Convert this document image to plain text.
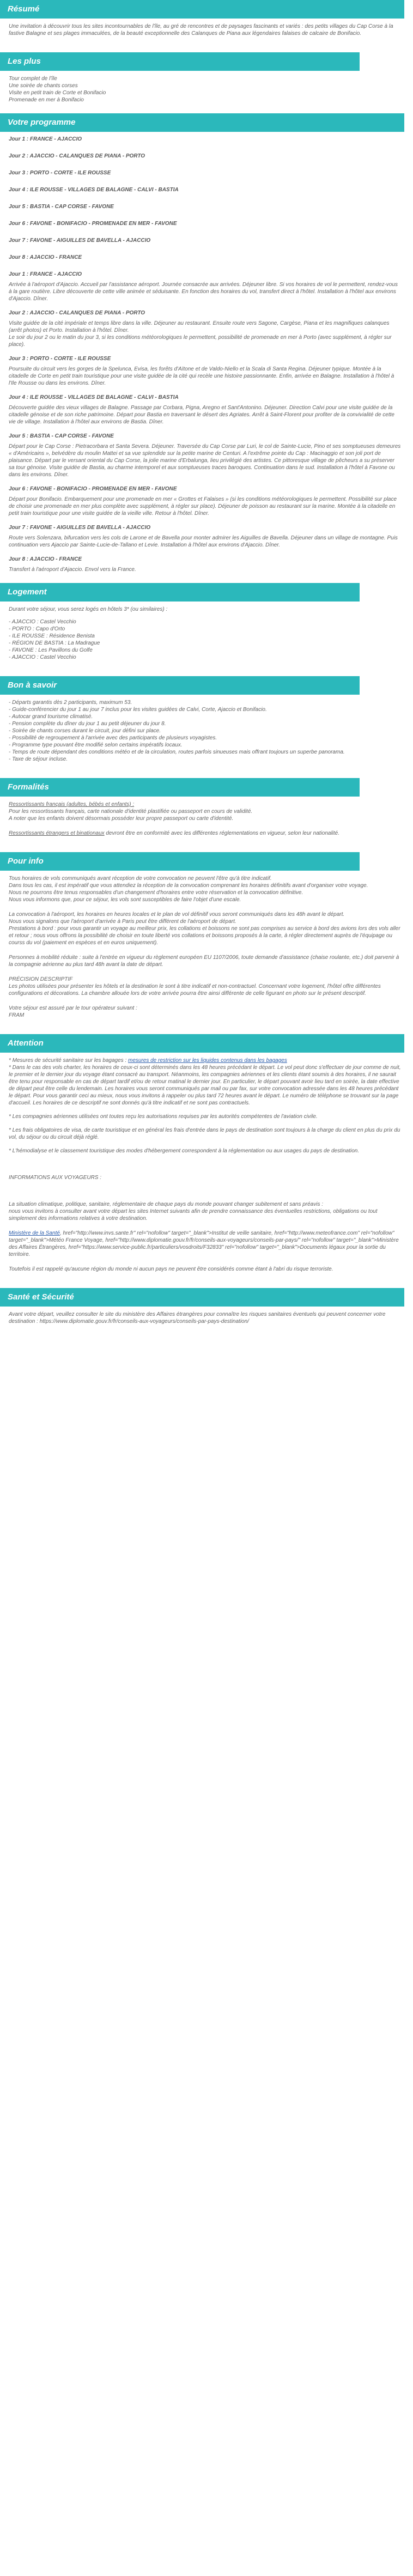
Résumé

Une invitation à découvrir tous les sites incontournables de l'île, au gré de rencontres et de paysages fascinants et variés : des petits villages du Cap Corse à la fastive Balagne et ses plages immaculées, de la beauté exceptionnelle des Calanques de Piana aux légendaires falaises de calcaire de Bonifacio.

Les plus
Tour complet de l'île
Une soirée de chants corses
Visite en petit train de Corte et Bonifacio
Promenade en mer à Bonifacio
Votre programme
Jour 1 : FRANCE - AJACCIO
Jour 2 : AJACCIO - CALANQUES DE PIANA - PORTO
Jour 3 : PORTO - CORTE - ILE ROUSSE
Jour 4 : ILE ROUSSE - VILLAGES DE BALAGNE - CALVI - BASTIA
Jour 5 : BASTIA - CAP CORSE - FAVONE
Jour 6 : FAVONE - BONIFACIO - PROMENADE EN MER - FAVONE
Jour 7 : FAVONE - AIGUILLES DE BAVELLA - AJACCIO
Jour 8 : AJACCIO - FRANCE
Jour 1 : FRANCE - AJACCIO
Arrivée à l'aéroport d'Ajaccio. Accueil par l'assistance aéroport. Journée consacrée aux arrivées. Déjeuner libre. Si vos horaires de vol le permettent, rendez-vous à la gare routière. Libre découverte de cette ville animée et séduisante. En fonction des horaires du vol, transfert direct à l'hôtel. Installation à l'hôtel aux environs d'Ajaccio. Dîner.
Jour 2 : AJACCIO - CALANQUES DE PIANA - PORTO
Visite guidée de la cité impériale et temps libre dans la ville. Déjeuner au restaurant. Ensuite route vers Sagone, Cargèse, Piana et les magnifiques calanques (arrêt photos) et Porto. Installation à l'hôtel. Dîner.
Le soir du jour 2 ou le matin du jour 3, si les conditions météorologiques le permettent, possibilité de promenade en mer à Porto (avec supplément, à régler sur place).
Jour 3 : PORTO - CORTE - ILE ROUSSE
Poursuite du circuit vers les gorges de la Spelunca, Evisa, les forêts d'Aïtone et de Valdo-Niello et la Scala di Santa Regina. Déjeuner typique. Montée à la citadelle de Corte en petit train touristique pour une visite guidée de la cité qui recèle une histoire passionnante. Enfin, arrivée en Balagne. Installation à l'hôtel à l'Ile Rousse ou dans les environs. Dîner.
Jour 4 : ILE ROUSSE - VILLAGES DE BALAGNE - CALVI - BASTIA
Découverte guidée des vieux villages de Balagne. Passage par Corbara, Pigna, Aregno et Sant'Antonino. Déjeuner. Direction Calvi pour une visite guidée de la citadelle génoise et de son riche patrimoine. Départ pour Bastia en traversant le désert des Agriates. Arrêt à Saint-Florent pour profiter de la convivialité de cette vie de village. Installation à l'hôtel aux environs de Bastia. Dîner.
Jour 5 : BASTIA - CAP CORSE - FAVONE
Départ pour le Cap Corse : Pietracorbara et Santa Severa. Déjeuner. Traversée du Cap Corse par Luri, le col de Sainte-Lucie, Pino et ses somptueuses demeures « d'Américains », belvédère du moulin Mattei et sa vue splendide sur la petite marine de Centuri. A l'extrême pointe du Cap : Macinaggio et son joli port de plaisance. Départ par le versant oriental du Cap Corse, la jolie marine d'Erbalunga, lieu privilégié des artistes. Ce pittoresque village de pêcheurs a su préserver sa tour génoise. Visite guidée de Bastia, au charme intemporel et aux somptueuses traces baroques. Continuation dans le sud. Installation à l'hôtel à Favone ou dans les environs. Dîner.
Jour 6 : FAVONE - BONIFACIO - PROMENADE EN MER - FAVONE
Départ pour Bonifacio. Embarquement pour une promenade en mer « Grottes et Falaises » (si les conditions météorologiques le permettent. Possibilité sur place de choisir une promenade en mer plus complète avec supplément, à régler sur place). Déjeuner de poisson au restaurant sur la marine. Montée à la citadelle en petit train touristique pour une visite guidée de la vieille ville. Retour à l'hôtel. Dîner.
Jour 7 : FAVONE - AIGUILLES DE BAVELLA - AJACCIO
Route vers Solenzara, bifurcation vers les cols de Larone et de Bavella pour monter admirer les Aiguilles de Bavella. Déjeuner dans un village de montagne. Puis continuation vers Ajaccio par Sainte-Lucie-de-Tallano et Levie. Installation à l'hôtel aux environs d'Ajaccio. Dîner.
Jour 8 : AJACCIO - FRANCE
Transfert à l'aéroport d'Ajaccio. Envol vers la France.
Logement
Durant votre séjour, vous serez logés en hôtels 3* (ou similaires) :
- AJACCIO : Castel Vecchio
- PORTO : Capo d'Orto
- ILE ROUSSE : Résidence Benista
- RÉGION DE BASTIA : La Madrague
- FAVONE : Les Pavillons du Golfe
- AJACCIO : Castel Vecchio
Bon à savoir
- Départs garantis dès 2 participants, maximum 53.
- Guide-conférencier du jour 1 au jour 7 inclus pour les visites guidées de Calvi, Corte, Ajaccio et Bonifacio.
- Autocar grand tourisme climatisé.
- Pension complète du dîner du jour 1 au petit déjeuner du jour 8.
- Soirée de chants corses durant le circuit, jour défini sur place.
- Possibilité de regroupement à l'arrivée avec des participants de plusieurs voyagistes.
- Programme type pouvant être modifié selon certains impératifs locaux.
- Temps de route dépendant des conditions météo et de la circulation, routes parfois sinueuses mais offrant toujours un superbe panorama.
- Taxe de séjour incluse.
Formalités

Ressortissants français (adultes, bébés et enfants) :
Pour les ressortissants français, carte nationale d'identité plastifiée ou passeport en cours de validité.
A noter que les enfants doivent désormais posséder leur propre passeport ou carte d'identité.

Ressortissants étrangers et binationaux devront être en conformité avec les différentes réglementations en vigueur, selon leur nationalité.

Pour info

Tous horaires de vols communiqués avant réception de votre convocation ne peuvent l'être qu'à titre indicatif.
Dans tous les cas, il est impératif que vous attendiez la réception de la convocation comprenant les horaires définitifs avant d'organiser votre voyage.
Nous ne pourrons être tenus responsables d'un changement d'horaires entre votre réservation et la convocation définitive.
Nous vous informons que, pour ce séjour, les vols sont susceptibles de faire l'objet d'une escale.

La convocation à l'aéroport, les horaires en heures locales et le plan de vol définitif vous seront communiqués dans les 48h avant le départ.
Nous vous signalons que l'aéroport d'arrivée à Paris peut être différent de l'aéroport de départ.
Prestations à bord : pour vous garantir un voyage au meilleur prix, les collations et boissons ne sont pas comprises au service à bord des avions lors des vols aller et retour ; nous vous offrons la possibilité de choisir en toute liberté vos collations et boissons proposés à la carte, à régler directement auprès de l'équipage ou courss du vol (paiement en espèces et en euros uniquement).

Personnes à mobilité réduite : suite à l'entrée en vigueur du règlement européen EU 1107/2006, toute demande d'assistance (chaise roulante, etc.) doit parvenir à la compagnie aérienne au plus tard 48h avant la date de départ.

PRÉCISION DESCRIPTIF
Les photos utilisées pour présenter les hôtels et la destination le sont à titre indicatif et non-contractuel. Concernant votre logement, l'hôtel offre différentes configurations et décorations. La chambre allouée lors de votre arrivée pourra être ainsi différente de celle figurant en photo sur le présent descriptif.

Votre séjour est assuré par le tour opérateur suivant :
FRAM

Attention

* Mesures de sécurité sanitaire sur les bagages : mesures de restriction sur les liquides contenus dans les bagages
* Dans le cas des vols charter, les horaires de ceux-ci sont déterminés dans les 48 heures précédant le départ. Le vol peut donc s'effectuer de jour comme de nuit, le premier et le dernier jour du voyage étant consacré au transport. Néanmoins, les compagnies aériennes et les clients étant soumis à des horaires, il ne saurait être tenu pour responsable en cas de départ tardif et/ou de retour matinal le dernier jour. En particulier, le départ pouvant avoir lieu tard en soirée, la date effective de départ peut être celle du lendemain. Les horaires vous seront communiqués par mail ou par fax, sur votre convocation adressée dans les 48 heures précédant le départ. Pour vous garantir ceci au mieux, nous vous invitons à rappeler ou plus tard 72 heures avant le départ. Le numéro de téléphone se trouvant sur la page d'accueil. Les horaires de ce descriptif ne sont donnés qu'à titre indicatif et ne sont pas contractuels.

* Les compagnies aériennes utilisées ont toutes reçu les autorisations requises par les autorités compétentes de l'aviation civile.

* Les frais obligatoires de visa, de carte touristique et en général les frais d'entrée dans le pays de destination sont toujours à la charge du client en plus du prix du vol, du séjour ou du circuit déjà réglé.

* L'hémodialyse et le classement touristique des modes d'hébergement correspondent à la réglementation ou aux usages du pays de destination.

INFORMATIONS AUX VOYAGEURS :

La situation climatique, politique, sanitaire, réglementaire de chaque pays du monde pouvant changer subitement et sans préavis :
nous vous invitons à consulter avant votre départ les sites Internet suivants afin de prendre connaissance des éventuelles restrictions, obligations ou tout simplement des informations relatives à votre destination.

Ministère de la Santé, href="http://www.invs.sante.fr" rel="nofollow" target="_blank">Institut de veille sanitaire, href="http://www.meteofrance.com" rel="nofollow" target="_blank">Météo France Voyage, href="http://www.diplomatie.gouv.fr/fr/conseils-aux-voyageurs/conseils-par-pays/" rel="nofollow" target="_blank">Ministère des Affaires Étrangères, href="https://www.service-public.fr/particuliers/vosdroits/F32833" rel="nofollow" target="_blank">Documents légaux pour la sortie du territoire.

Toutefois il est rappelé qu'aucune région du monde ni aucun pays ne peuvent être considérés comme étant à l'abri du risque terroriste.

Santé et Sécurité

Avant votre départ, veuillez consulter le site du ministère des Affaires étrangères pour connaître les risques sanitaires éventuels qui peuvent concerner votre destination : https://www.diplomatie.gouv.fr/fr/conseils-aux-voyageurs/conseils-par-pays-destination/
